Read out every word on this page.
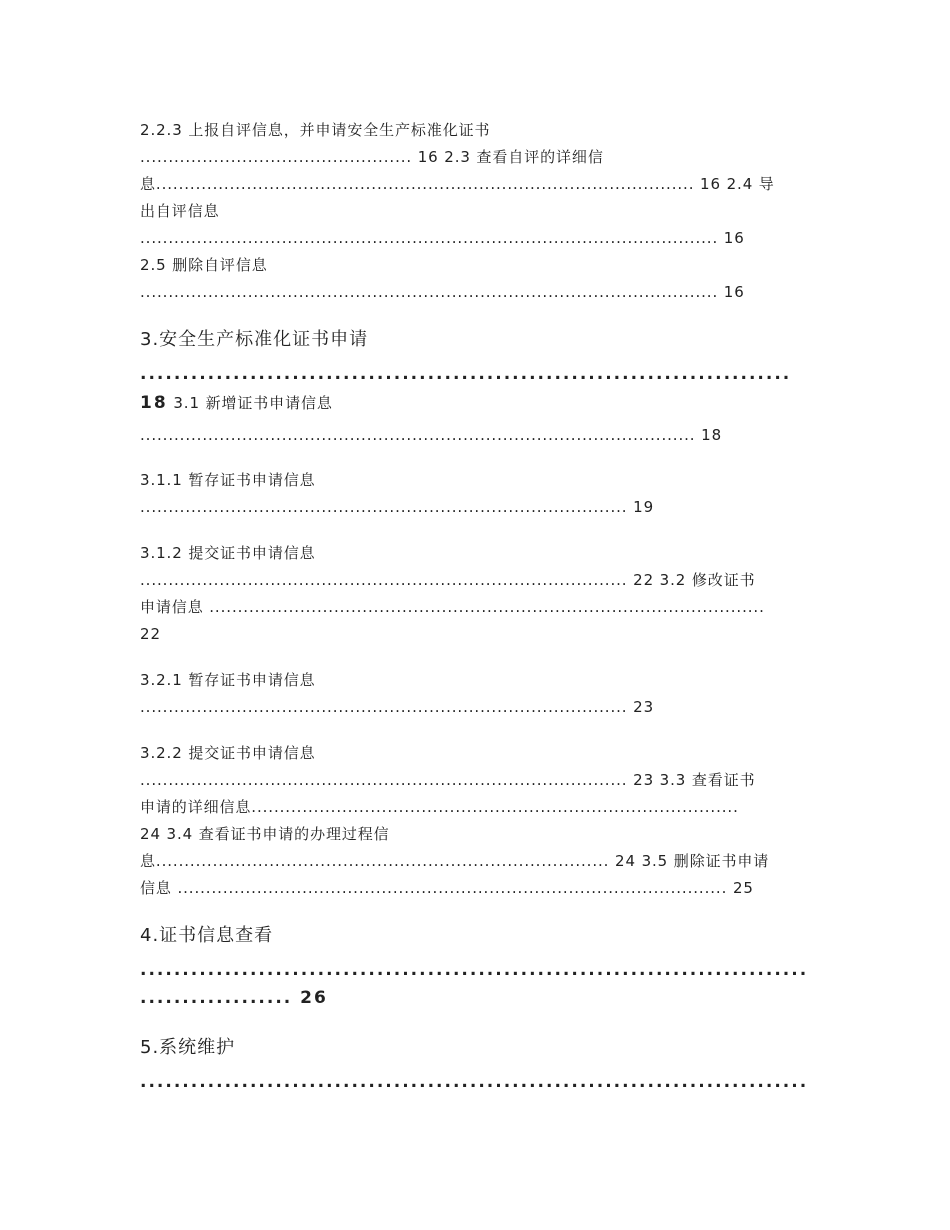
2.2.3 上报自评信息，并申请安全生产标准化证书
................................................ 16 2.3 查看自评的详细信
息............................................................................................... 16 2.4 导
出自评信息
...................................................................................................... 16
2.5 删除自评信息
...................................................................................................... 16
3.安全生产标准化证书申请
.............................................................................
18 3.1 新增证书申请信息
.................................................................................................. 18
3.1.1 暂存证书申请信息
...................................................................................... 19
3.1.2 提交证书申请信息
...................................................................................... 22 3.2 修改证书
申请信息 ..................................................................................................
22
3.2.1 暂存证书申请信息
...................................................................................... 23
3.2.2 提交证书申请信息
...................................................................................... 23 3.3 查看证书
申请的详细信息......................................................................................
24 3.4 查看证书申请的办理过程信
息................................................................................ 24 3.5 删除证书申请
信息 ................................................................................................. 25
4.证书信息查看
...............................................................................
.................. 26
5.系统维护
...............................................................................
